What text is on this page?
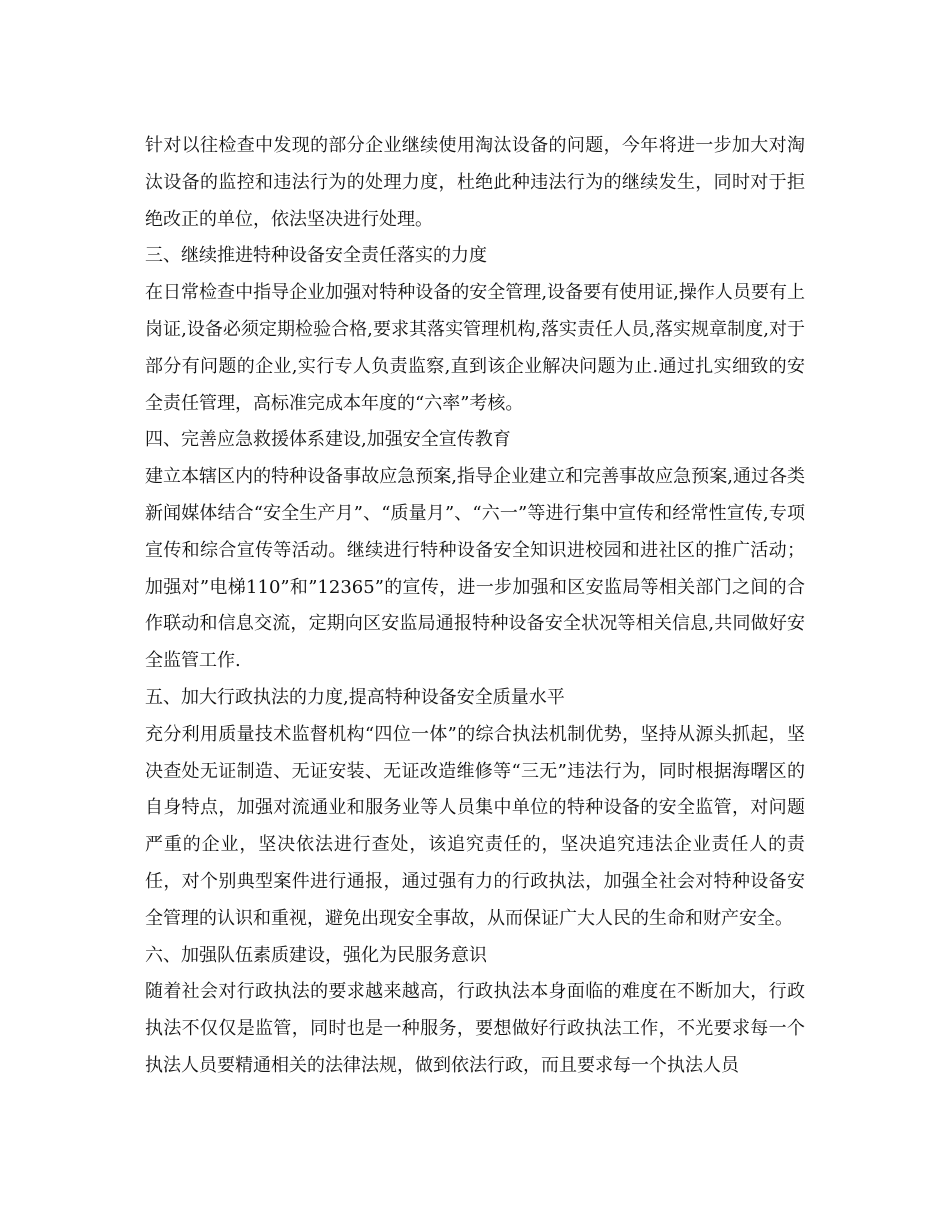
针对以往检查中发现的部分企业继续使用淘汰设备的问题，今年将进一步加大对淘汰设备的监控和违法行为的处理力度，杜绝此种违法行为的继续发生，同时对于拒绝改正的单位，依法坚决进行处理。

三、继续推进特种设备安全责任落实的力度

在日常检查中指导企业加强对特种设备的安全管理,设备要有使用证,操作人员要有上岗证,设备必须定期检验合格,要求其落实管理机构,落实责任人员,落实规章制度,对于部分有问题的企业,实行专人负责监察,直到该企业解决问题为止.通过扎实细致的安全责任管理，高标准完成本年度的“六率”考核。

四、完善应急救援体系建设,加强安全宣传教育

建立本辖区内的特种设备事故应急预案,指导企业建立和完善事故应急预案,通过各类新闻媒体结合“安全生产月”、“质量月”、“六一”等进行集中宣传和经常性宣传,专项宣传和综合宣传等活动。继续进行特种设备安全知识进校园和进社区的推广活动；加强对”电梯110”和”12365”的宣传，进一步加强和区安监局等相关部门之间的合作联动和信息交流，定期向区安监局通报特种设备安全状况等相关信息,共同做好安全监管工作.

五、加大行政执法的力度,提高特种设备安全质量水平

充分利用质量技术监督机构“四位一体”的综合执法机制优势，坚持从源头抓起，坚决查处无证制造、无证安装、无证改造维修等“三无”违法行为，同时根据海曙区的自身特点，加强对流通业和服务业等人员集中单位的特种设备的安全监管，对问题严重的企业，坚决依法进行查处，该追究责任的，坚决追究违法企业责任人的责任，对个别典型案件进行通报，通过强有力的行政执法，加强全社会对特种设备安全管理的认识和重视，避免出现安全事故，从而保证广大人民的生命和财产安全。

六、加强队伍素质建设，强化为民服务意识

随着社会对行政执法的要求越来越高，行政执法本身面临的难度在不断加大，行政执法不仅仅是监管，同时也是一种服务，要想做好行政执法工作，不光要求每一个执法人员要精通相关的法律法规，做到依法行政，而且要求每一个执法人员
